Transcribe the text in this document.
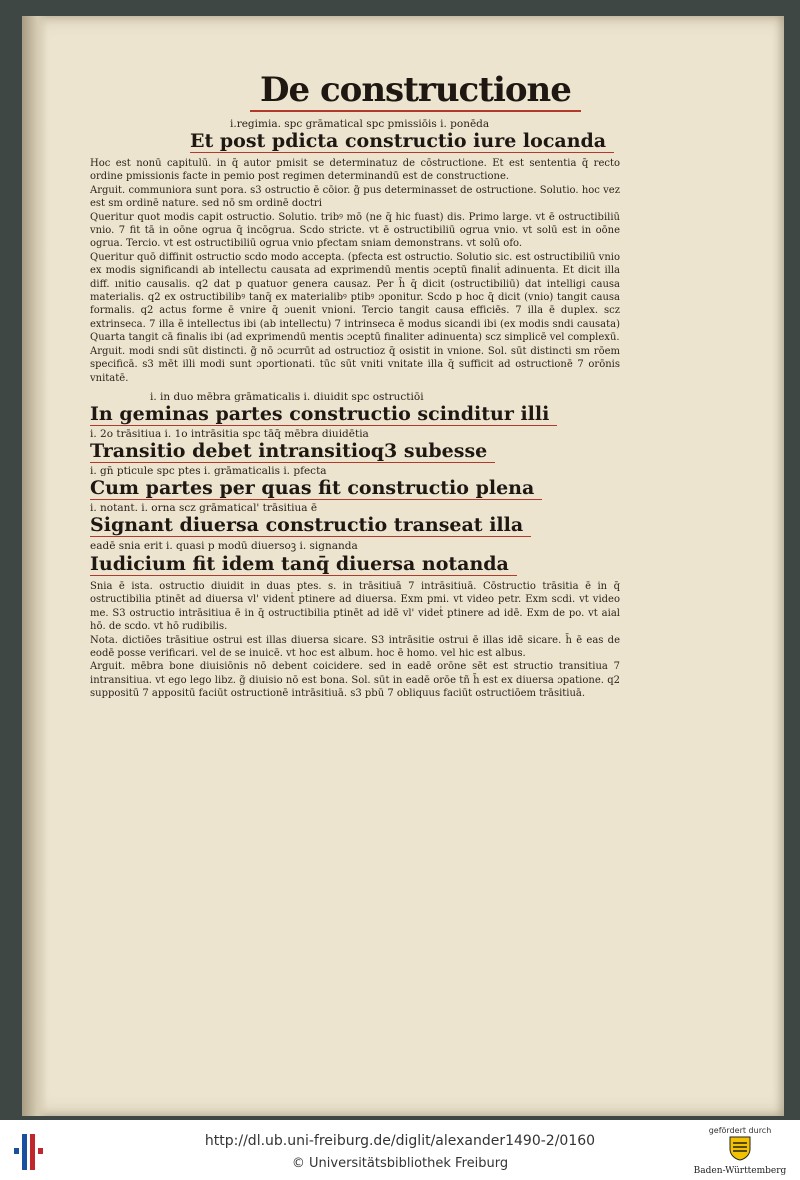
De constructione
i.regimia. spc grāmatical spc pmissiōis i. ponēda
Et post pdicta constructio iure locanda

Hoc est nonū capitulū. in q̄ autor pmisit se determinatuz de cōstructione. Et est sententia q̄ recto ordine pmissionis facte in pemio post regimen determinandū est de constructione.

Arguit. communiora sunt pora. s3 ostructio ē cōior. g̃ pus determinasset de ostructione. Solutio. hoc vez est sm ordinē nature. sed nō sm ordinē doctri

Queritur quot modis capit ostructio. Solutio. tribꝰ mō (ne q̄ hic fuast) dis. Primo large. vt ē ostructibiliū vnio. 7 fit tā in oōne ogrua q̄ incōgrua. Scdo stricte. vt ē ostructibiliū ogrua vnio. vt solū est in oōne ogrua. Tercio. vt est ostructibiliū ogrua vnio pfectam sniam demonstrans. vt solū ofo.

Queritur quō diffinit ostructio scdo modo accepta. (pfecta est ostructio. Solutio sic. est ostructibiliū vnio ex modis significandi ab intellectu causata ad exprimendū mentis ɔceptū finaliṫ adinuenta. Et dicit illa diff. ınitio causalis. q2 dat p quatuor genera causaz. Per h̄ q̄ dicit (ostructibiliū) dat intelligi causa materialis. q2 ex ostructibilibꝰ tanq̄ ex materialibꝰ ptibꝰ ɔponitur. Scdo p hoc q̄ dicit (vnio) tangit causa formalis. q2 actus forme ē vnire q̄ ɔuenit vnioni. Tercio tangit causa efficiēs. 7 illa ē duplex. scz extrinseca. 7 illa ē intellectus ibi (ab intellectu) 7 intrinseca ē modus sicandi ibi (ex modis sndi causata) Quarta tangit cā finalis ibi (ad exprimendū mentis ɔceptū finaliter adinuenta) scz simplicē vel complexū.

Arguit. modi sndi sūt distincti. g̃ nō ɔcurrūt ad ostructioz q̄ osistit in vnione. Sol. sūt distincti sm rōem specificā. s3 mēt illi modi sunt ɔportionati. tūc sūt vniti vnitate illa q̄ sufficit ad ostructionē 7 orōnis vnitatē.

i. in duo mēbra grāmaticalis i. diuidit spc ostructiōi
In geminas partes constructio scinditur illi
i. 2o trāsitiua i. 1o intrāsitia spc tāq̄ mēbra diuidētia
Transitio debet intransitioq3 subesse
i. gn̄ pticule spc ptes i. grāmaticalis i. pfecta
Cum partes per quas fit constructio plena
i. notant. i. orna scz grāmatical' trāsitiua ē
Signant diuersa constructio transeat illa
eadē snia erit i. quasi p modū diuersoꝫ i. signanda
Iudicium fit idem tanq̄ diuersa notanda

Snia ē ista. ostructio diuidit in duas ptes. s. in trāsitiuā 7 intrāsitiuā. Cōstructio trāsitia ē in q̄ ostructibilia ptinēt ad diuersa vl' videnṫ ptinere ad diuersa. Exm pmi. vt video petr. Exm scdi. vt video me. S3 ostructio intrāsitiua ē in q̄ ostructibilia ptinēt ad idē vl' videṫ ptinere ad idē. Exm de po. vt aial hō. de scdo. vt hō rudibilis.

Nota. dictiōes trāsitiue ostrui est illas diuersa sicare. S3 intrāsitie ostrui ē illas idē sicare. h̄ ē eas de eodē posse verificari. vel de se inuicē. vt hoc est album. hoc ē homo. vel hic est albus.

Arguit. mēbra bone diuisiōnis nō debent coicidere. sed in eadē orōne sēt est structio transitiua 7 intransitiua. vt ego lego libz. g̃ diuisio nō est bona. Sol. sūt in eadē orōe tñ h̄ est ex diuersa ɔpatione. q2 suppositū 7 appositū faciūt ostructionē intrāsitiuā. s3 pbū 7 obliquus faciūt ostructiōem trāsitiuā.

http://dl.ub.uni-freiburg.de/diglit/alexander1490-2/0160
© Universitätsbibliothek Freiburg
gefördert durch
Baden-Württemberg
